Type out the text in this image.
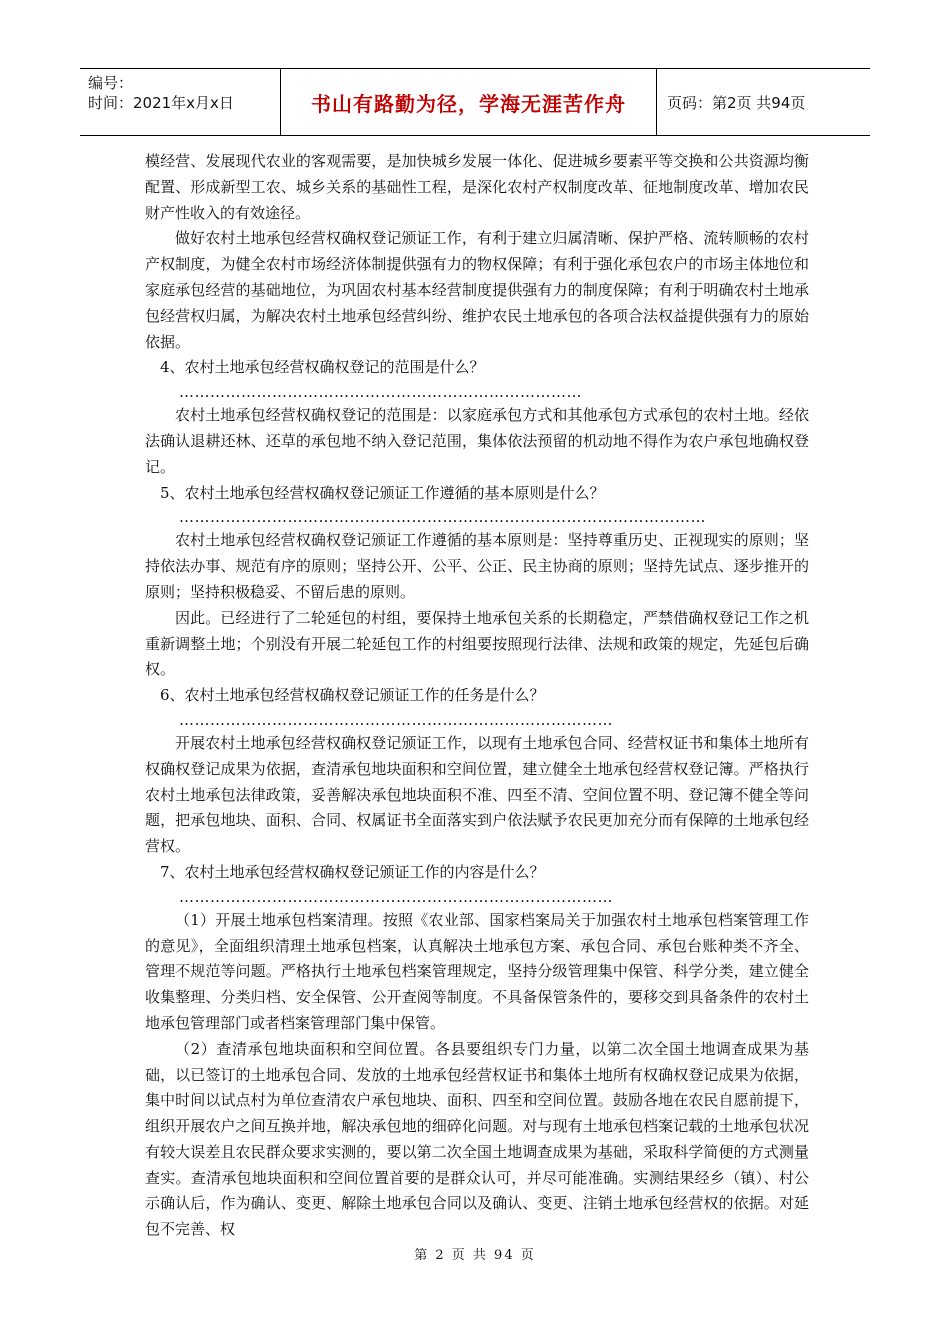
编号：
时间：2021年x月x日	书山有路勤为径，学海无涯苦作舟	页码：第2页 共94页

模经营、发展现代农业的客观需要，是加快城乡发展一体化、促进城乡要素平等交换和公共资源均衡配置、形成新型工农、城乡关系的基础性工程，是深化农村产权制度改革、征地制度改革、增加农民财产性收入的有效途径。

做好农村土地承包经营权确权登记颁证工作，有利于建立归属清晰、保护严格、流转顺畅的农村产权制度，为健全农村市场经济体制提供强有力的物权保障；有利于强化承包农户的市场主体地位和家庭承包经营的基础地位，为巩固农村基本经营制度提供强有力的制度保障；有利于明确农村土地承包经营权归属，为解决农村土地承包经营纠纷、维护农民土地承包的各项合法权益提供强有力的原始依据。

4、农村土地承包经营权确权登记的范围是什么？

……………………………………………………………………

农村土地承包经营权确权登记的范围是：以家庭承包方式和其他承包方式承包的农村土地。经依法确认退耕还林、还草的承包地不纳入登记范围，集体依法预留的机动地不得作为农户承包地确权登记。

5、农村土地承包经营权确权登记颁证工作遵循的基本原则是什么？

…………………………………………………………………………………………

农村土地承包经营权确权登记颁证工作遵循的基本原则是：坚持尊重历史、正视现实的原则；坚持依法办事、规范有序的原则；坚持公开、公平、公正、民主协商的原则；坚持先试点、逐步推开的原则；坚持积极稳妥、不留后患的原则。

因此。已经进行了二轮延包的村组，要保持土地承包关系的长期稳定，严禁借确权登记工作之机重新调整土地；个别没有开展二轮延包工作的村组要按照现行法律、法规和政策的规定，先延包后确权。

6、农村土地承包经营权确权登记颁证工作的任务是什么？

…………………………………………………………………………

开展农村土地承包经营权确权登记颁证工作，以现有土地承包合同、经营权证书和集体土地所有权确权登记成果为依据，查清承包地块面积和空间位置，建立健全土地承包经营权登记簿。严格执行农村土地承包法律政策，妥善解决承包地块面积不准、四至不清、空间位置不明、登记簿不健全等问题，把承包地块、面积、合同、权属证书全面落实到户依法赋予农民更加充分而有保障的土地承包经营权。

7、农村土地承包经营权确权登记颁证工作的内容是什么？

…………………………………………………………………………

（1）开展土地承包档案清理。按照《农业部、国家档案局关于加强农村土地承包档案管理工作的意见》，全面组织清理土地承包档案，认真解决土地承包方案、承包合同、承包台账种类不齐全、管理不规范等问题。严格执行土地承包档案管理规定，坚持分级管理集中保管、科学分类，建立健全收集整理、分类归档、安全保管、公开查阅等制度。不具备保管条件的，要移交到具备条件的农村土地承包管理部门或者档案管理部门集中保管。

（2）查清承包地块面积和空间位置。各县要组织专门力量，以第二次全国土地调查成果为基础，以已签订的土地承包合同、发放的土地承包经营权证书和集体土地所有权确权登记成果为依据，集中时间以试点村为单位查清农户承包地块、面积、四至和空间位置。鼓励各地在农民自愿前提下，组织开展农户之间互换并地，解决承包地的细碎化问题。对与现有土地承包档案记载的土地承包状况有较大误差且农民群众要求实测的，要以第二次全国土地调查成果为基础，采取科学简便的方式测量查实。查清承包地块面积和空间位置首要的是群众认可，并尽可能准确。实测结果经乡（镇）、村公示确认后，作为确认、变更、解除土地承包合同以及确认、变更、注销土地承包经营权的依据。对延包不完善、权

第 2 页 共 94 页
